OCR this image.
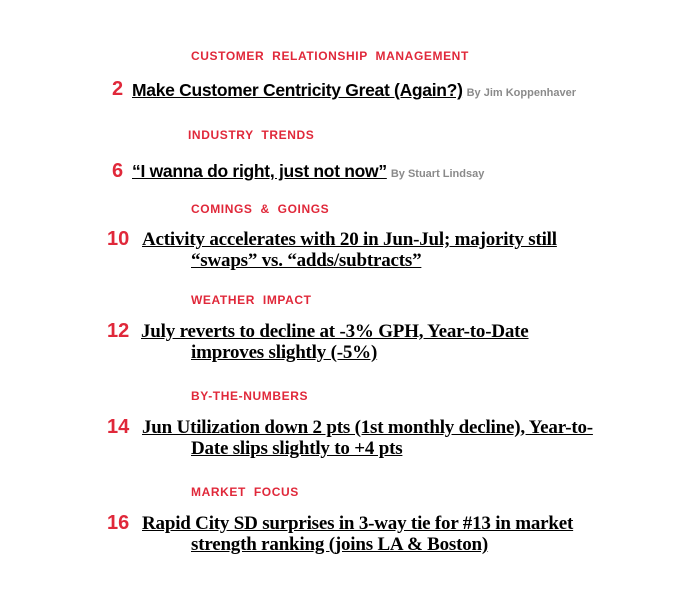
CUSTOMER RELATIONSHIP MANAGEMENT
2 Make Customer Centricity Great (Again?) By Jim Koppenhaver
INDUSTRY TRENDS
6 “I wanna do right, just not now” By Stuart Lindsay
COMINGS & GOINGS
10 Activity accelerates with 20 in Jun-Jul; majority still
“swaps” vs. “adds/subtracts”
WEATHER IMPACT
12 July reverts to decline at -3% GPH, Year-to-Date
improves slightly (-5%)
BY-THE-NUMBERS
14 Jun Utilization down 2 pts (1st monthly decline), Year-to-
Date slips slightly to +4 pts
MARKET FOCUS
16 Rapid City SD surprises in 3-way tie for #13 in market
strength ranking (joins LA & Boston)
